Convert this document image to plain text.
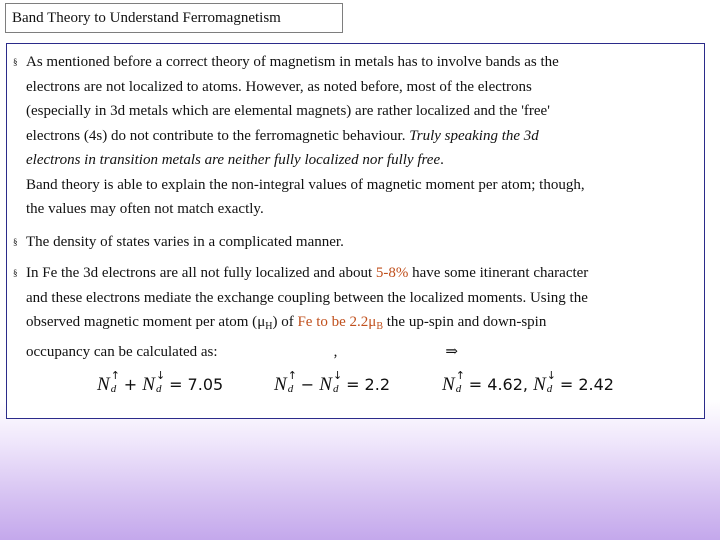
Band Theory to Understand Ferromagnetism
§ As mentioned before a correct theory of magnetism in metals has to involve bands as the
electrons are not localized to atoms. However, as noted before, most of the electrons
(especially in 3d metals which are elemental magnets) are rather localized and the 'free'
electrons (4s) do not contribute to the ferromagnetic behaviour. Truly speaking the 3d
electrons in transition metals are neither fully localized nor fully free.
Band theory is able to explain the non-integral values of magnetic moment per atom; though,
the values may often not match exactly.
§ The density of states varies in a complicated manner.
§ In Fe the 3d electrons are all not fully localized and about 5-8% have some itinerant character
and these electrons mediate the exchange coupling between the localized moments. Using the
observed magnetic moment per atom $(\mu_H)$ of Fe to be $2.2\mu_B$ the up-spin and down-spin
occupancy can be calculated as:	,	⇒
N ↑
d + N ↓
d = 7.05	N ↑
d − N ↓
d = 2.2	N ↑
d = 4.62, N ↓
d = 2.42
